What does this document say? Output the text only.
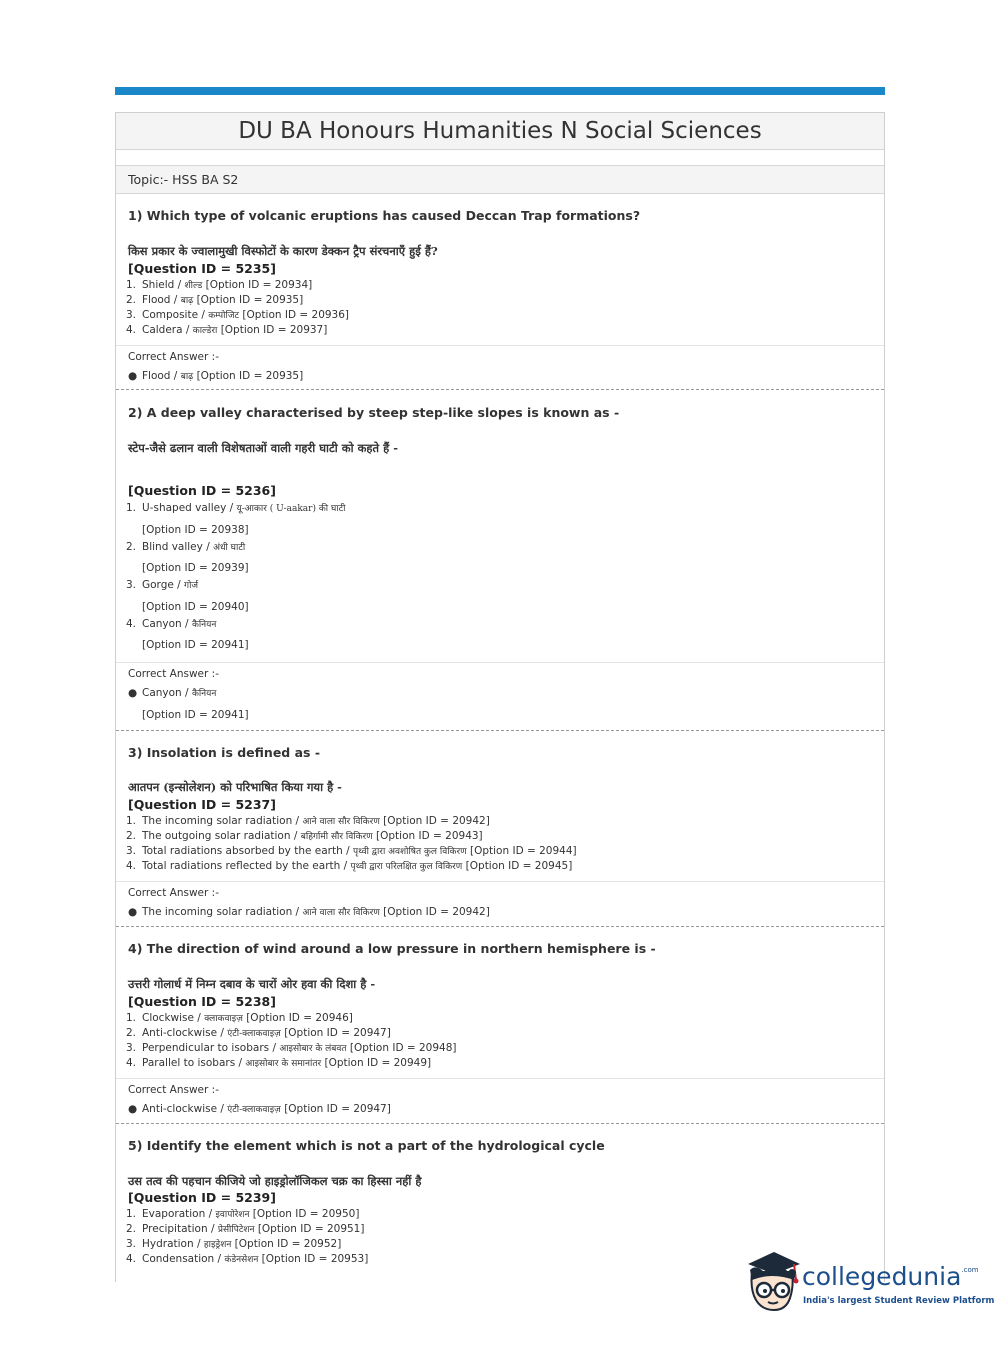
DU BA Honours Humanities N Social Sciences
Topic:- HSS BA S2
1) Which type of volcanic eruptions has caused Deccan Trap formations?
किस प्रकार के ज्वालामुखी विस्फोटों के कारण डेक्कन ट्रैप संरचनाएँ हुई हैं?
[Question ID = 5235]
1. Shield / शील्ड [Option ID = 20934]
2. Flood / बाढ़ [Option ID = 20935]
3. Composite / कम्पोजिट [Option ID = 20936]
4. Caldera / काल्डेरा [Option ID = 20937]
Correct Answer :-
● Flood / बाढ़ [Option ID = 20935]
2) A deep valley characterised by steep step-like slopes is known as -
स्टेप-जैसे ढलान वाली विशेषताओं वाली गहरी घाटी को कहते हैं -
[Question ID = 5236]
1. U-shaped valley / यू-आकार ( U-aakar) की घाटी
[Option ID = 20938]
2. Blind valley / अंधी घाटी
[Option ID = 20939]
3. Gorge / गोर्ज
[Option ID = 20940]
4. Canyon / कैनियन
[Option ID = 20941]
Correct Answer :-
● Canyon / कैनियन
[Option ID = 20941]
3) Insolation is defined as -
आतपन (इन्सोलेशन) को परिभाषित किया गया है -
[Question ID = 5237]
1. The incoming solar radiation / आने वाला सौर विकिरण [Option ID = 20942]
2. The outgoing solar radiation / बहिर्गामी सौर विकिरण [Option ID = 20943]
3. Total radiations absorbed by the earth / पृथ्वी द्वारा अवशोषित कुल विकिरण [Option ID = 20944]
4. Total radiations reflected by the earth / पृथ्वी द्वारा परिलक्षित कुल विकिरण [Option ID = 20945]
Correct Answer :-
● The incoming solar radiation / आने वाला सौर विकिरण [Option ID = 20942]
4) The direction of wind around a low pressure in northern hemisphere is -
उत्तरी गोलार्ध में निम्न दबाव के चारों ओर हवा की दिशा है -
[Question ID = 5238]
1. Clockwise / क्लाकवाइज़ [Option ID = 20946]
2. Anti-clockwise / एंटी-क्लाकवाइज़ [Option ID = 20947]
3. Perpendicular to isobars / आइसोबार के लंबवत [Option ID = 20948]
4. Parallel to isobars / आइसोबार के समानांतर [Option ID = 20949]
Correct Answer :-
● Anti-clockwise / एंटी-क्लाकवाइज़ [Option ID = 20947]
5) Identify the element which is not a part of the hydrological cycle
उस तत्व की पहचान कीजिये जो हाइड्रोलॉजिकल चक्र का हिस्सा नहीं है
[Question ID = 5239]
1. Evaporation / इवापोरेशन [Option ID = 20950]
2. Precipitation / प्रेसीपिटेशन [Option ID = 20951]
3. Hydration / हाइड्रेशन [Option ID = 20952]
4. Condensation / कंडेनसेशन [Option ID = 20953]
collegedunia$^{.com}$
India's largest Student Review Platform
